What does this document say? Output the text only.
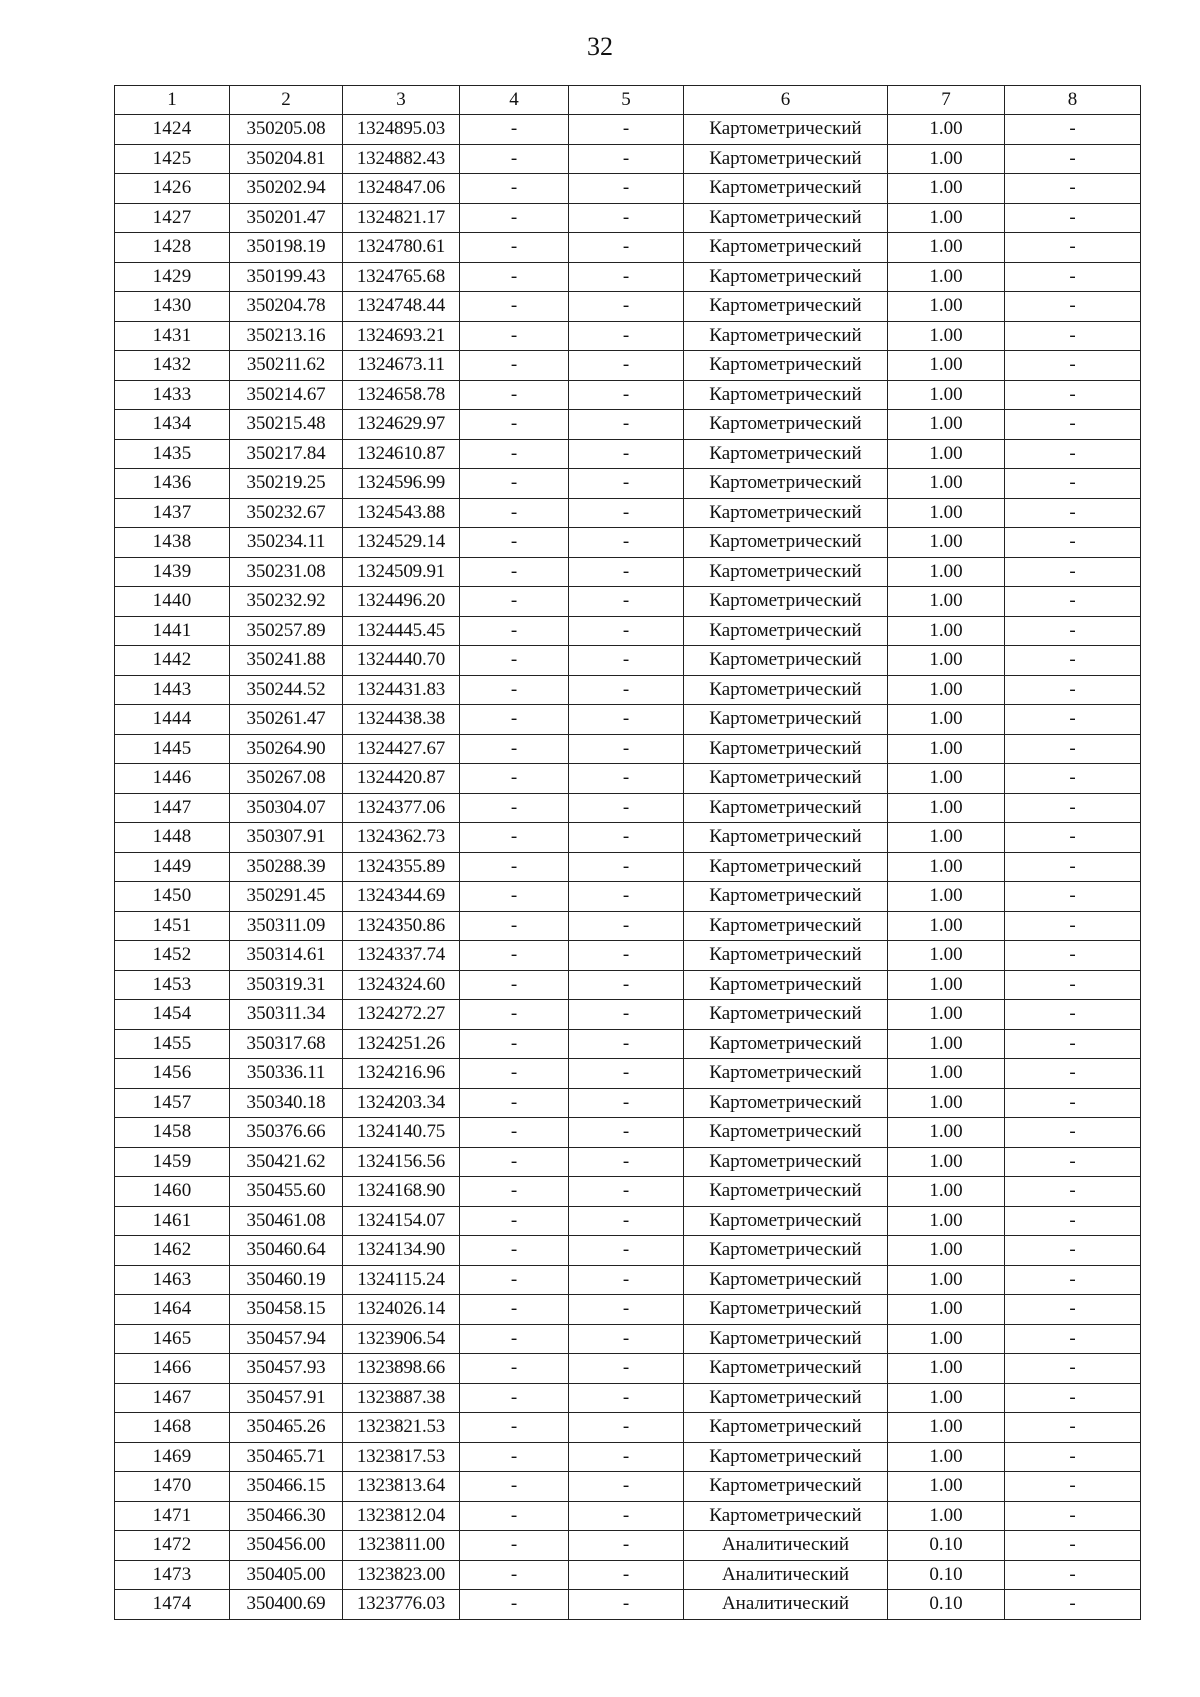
32
1	2	3	4	5	6	7	8
1424	350205.08	1324895.03	-	-	Картометрический	1.00	-
1425	350204.81	1324882.43	-	-	Картометрический	1.00	-
1426	350202.94	1324847.06	-	-	Картометрический	1.00	-
1427	350201.47	1324821.17	-	-	Картометрический	1.00	-
1428	350198.19	1324780.61	-	-	Картометрический	1.00	-
1429	350199.43	1324765.68	-	-	Картометрический	1.00	-
1430	350204.78	1324748.44	-	-	Картометрический	1.00	-
1431	350213.16	1324693.21	-	-	Картометрический	1.00	-
1432	350211.62	1324673.11	-	-	Картометрический	1.00	-
1433	350214.67	1324658.78	-	-	Картометрический	1.00	-
1434	350215.48	1324629.97	-	-	Картометрический	1.00	-
1435	350217.84	1324610.87	-	-	Картометрический	1.00	-
1436	350219.25	1324596.99	-	-	Картометрический	1.00	-
1437	350232.67	1324543.88	-	-	Картометрический	1.00	-
1438	350234.11	1324529.14	-	-	Картометрический	1.00	-
1439	350231.08	1324509.91	-	-	Картометрический	1.00	-
1440	350232.92	1324496.20	-	-	Картометрический	1.00	-
1441	350257.89	1324445.45	-	-	Картометрический	1.00	-
1442	350241.88	1324440.70	-	-	Картометрический	1.00	-
1443	350244.52	1324431.83	-	-	Картометрический	1.00	-
1444	350261.47	1324438.38	-	-	Картометрический	1.00	-
1445	350264.90	1324427.67	-	-	Картометрический	1.00	-
1446	350267.08	1324420.87	-	-	Картометрический	1.00	-
1447	350304.07	1324377.06	-	-	Картометрический	1.00	-
1448	350307.91	1324362.73	-	-	Картометрический	1.00	-
1449	350288.39	1324355.89	-	-	Картометрический	1.00	-
1450	350291.45	1324344.69	-	-	Картометрический	1.00	-
1451	350311.09	1324350.86	-	-	Картометрический	1.00	-
1452	350314.61	1324337.74	-	-	Картометрический	1.00	-
1453	350319.31	1324324.60	-	-	Картометрический	1.00	-
1454	350311.34	1324272.27	-	-	Картометрический	1.00	-
1455	350317.68	1324251.26	-	-	Картометрический	1.00	-
1456	350336.11	1324216.96	-	-	Картометрический	1.00	-
1457	350340.18	1324203.34	-	-	Картометрический	1.00	-
1458	350376.66	1324140.75	-	-	Картометрический	1.00	-
1459	350421.62	1324156.56	-	-	Картометрический	1.00	-
1460	350455.60	1324168.90	-	-	Картометрический	1.00	-
1461	350461.08	1324154.07	-	-	Картометрический	1.00	-
1462	350460.64	1324134.90	-	-	Картометрический	1.00	-
1463	350460.19	1324115.24	-	-	Картометрический	1.00	-
1464	350458.15	1324026.14	-	-	Картометрический	1.00	-
1465	350457.94	1323906.54	-	-	Картометрический	1.00	-
1466	350457.93	1323898.66	-	-	Картометрический	1.00	-
1467	350457.91	1323887.38	-	-	Картометрический	1.00	-
1468	350465.26	1323821.53	-	-	Картометрический	1.00	-
1469	350465.71	1323817.53	-	-	Картометрический	1.00	-
1470	350466.15	1323813.64	-	-	Картометрический	1.00	-
1471	350466.30	1323812.04	-	-	Картометрический	1.00	-
1472	350456.00	1323811.00	-	-	Аналитический	0.10	-
1473	350405.00	1323823.00	-	-	Аналитический	0.10	-
1474	350400.69	1323776.03	-	-	Аналитический	0.10	-
